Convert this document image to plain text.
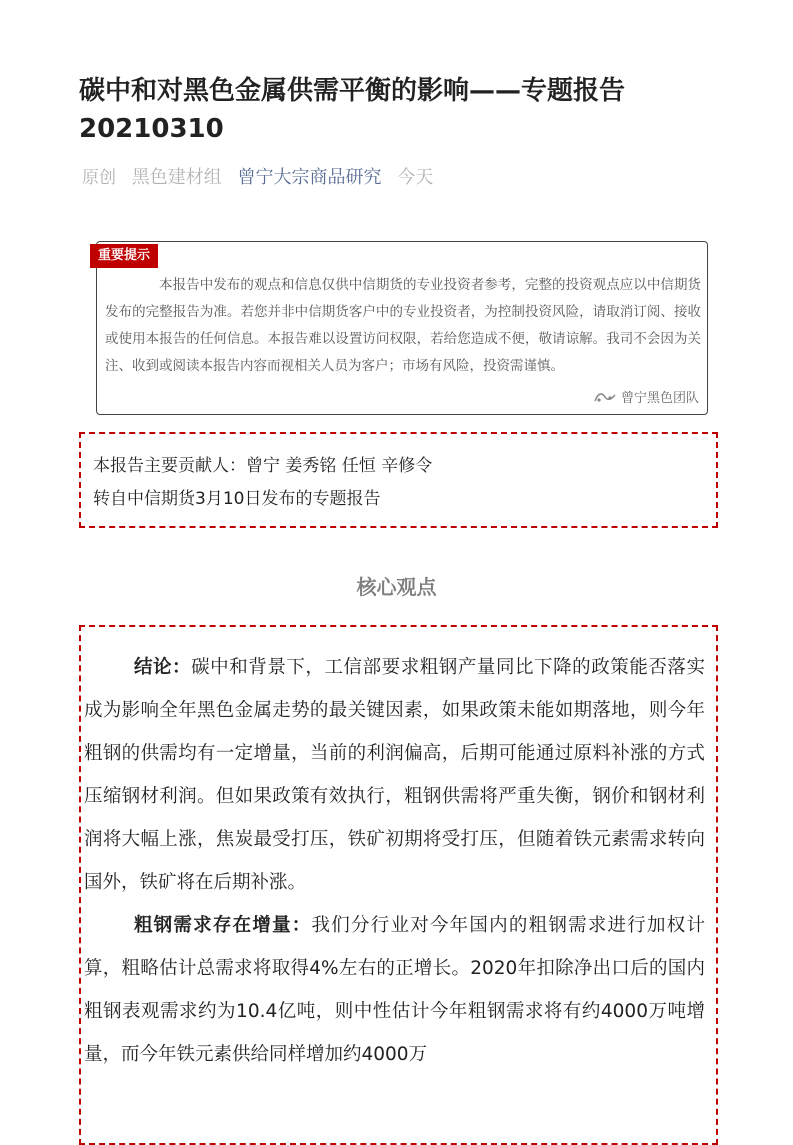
碳中和对黑色金属供需平衡的影响——专题报告20210310
原创 黑色建材组 曾宁大宗商品研究 今天
重要提示

本报告中发布的观点和信息仅供中信期货的专业投资者参考，完整的投资观点应以中信期货发布的完整报告为准。若您并非中信期货客户中的专业投资者，为控制投资风险，请取消订阅、接收或使用本报告的任何信息。本报告难以设置访问权限，若给您造成不便，敬请谅解。我司不会因为关注、收到或阅读本报告内容而视相关人员为客户；市场有风险，投资需谨慎。

曾宁黑色团队

本报告主要贡献人：曾宁 姜秀铭 任恒 辛修令

转自中信期货3月10日发布的专题报告

核心观点

结论：碳中和背景下，工信部要求粗钢产量同比下降的政策能否落实成为影响全年黑色金属走势的最关键因素，如果政策未能如期落地，则今年粗钢的供需均有一定增量，当前的利润偏高，后期可能通过原料补涨的方式压缩钢材利润。但如果政策有效执行，粗钢供需将严重失衡，钢价和钢材利润将大幅上涨，焦炭最受打压，铁矿初期将受打压，但随着铁元素需求转向国外，铁矿将在后期补涨。

粗钢需求存在增量：我们分行业对今年国内的粗钢需求进行加权计算，粗略估计总需求将取得4%左右的正增长。2020年扣除净出口后的国内粗钢表观需求约为10.4亿吨，则中性估计今年粗钢需求将有约4000万吨增量，而今年铁元素供给同样增加约4000万
